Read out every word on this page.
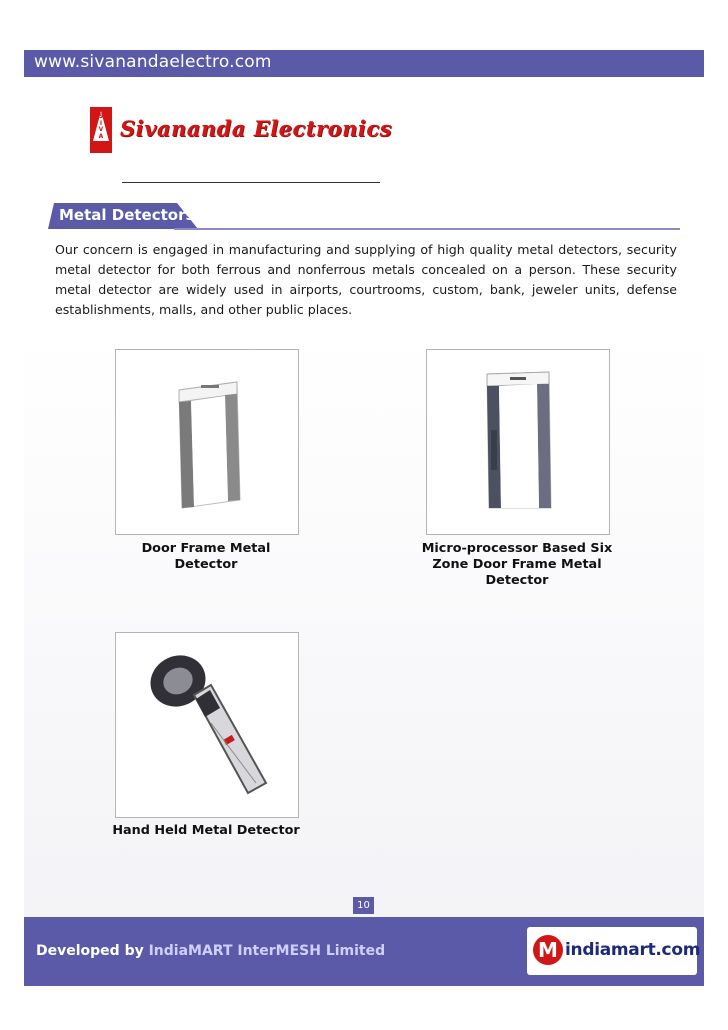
www.sivanandaelectro.com
S
I
V
A Sivananda Electronics
Metal Detectors:
Our concern is engaged in manufacturing and supplying of high quality metal detectors, security metal detector for both ferrous and nonferrous metals concealed on a person. These security metal detector are widely used in airports, courtrooms, custom, bank, jeweler units, defense establishments, malls, and other public places.
Door Frame Metal
Detector
Micro-processor Based Six
Zone Door Frame Metal
Detector
Hand Held Metal Detector
10
Developed by IndiaMART InterMESH Limited	M indiamart.com
